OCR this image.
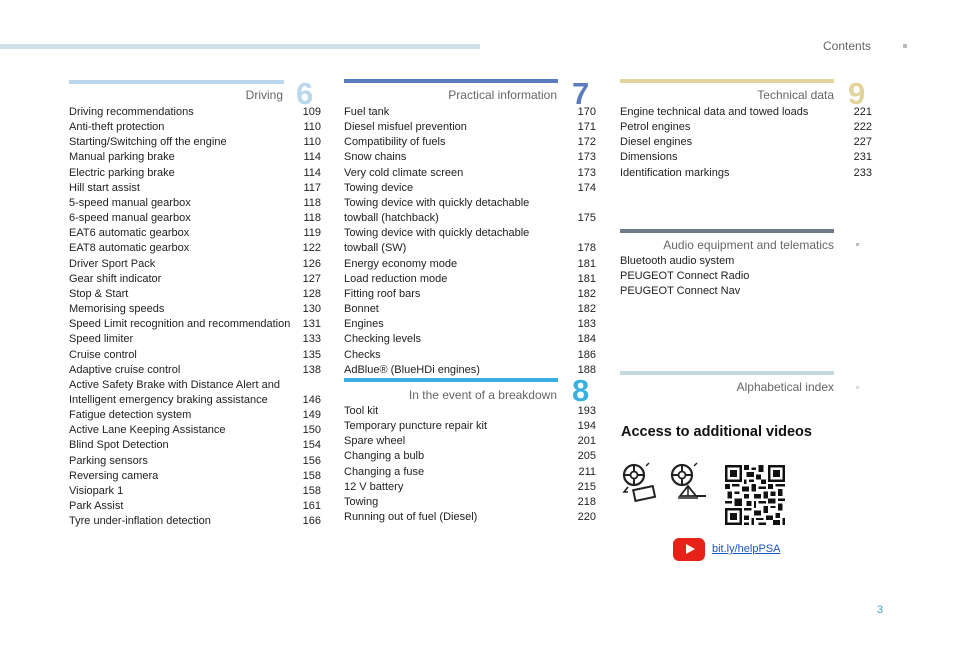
Contents
Driving 6
Driving recommendations	109
Anti-theft protection	110
Starting/Switching off the engine	110
Manual parking brake	114
Electric parking brake	114
Hill start assist	117
5-speed manual gearbox	118
6-speed manual gearbox	118
EAT6 automatic gearbox	119
EAT8 automatic gearbox	122
Driver Sport Pack	126
Gear shift indicator	127
Stop & Start	128
Memorising speeds	130
Speed Limit recognition and recommendation	131
Speed limiter	133
Cruise control	135
Adaptive cruise control	138
Active Safety Brake with Distance Alert and Intelligent emergency braking assistance	146
Fatigue detection system	149
Active Lane Keeping Assistance	150
Blind Spot Detection	154
Parking sensors	156
Reversing camera	158
Visiopark 1	158
Park Assist	161
Tyre under-inflation detection	166
Practical information 7
Fuel tank	170
Diesel misfuel prevention	171
Compatibility of fuels	172
Snow chains	173
Very cold climate screen	173
Towing device	174
Towing device with quickly detachable towball (hatchback)	175
Towing device with quickly detachable towball (SW)	178
Energy economy mode	181
Load reduction mode	181
Fitting roof bars	182
Bonnet	182
Engines	183
Checking levels	184
Checks	186
AdBlue® (BlueHDi engines)	188
In the event of a breakdown 8
Tool kit	193
Temporary puncture repair kit	194
Spare wheel	201
Changing a bulb	205
Changing a fuse	211
12 V battery	215
Towing	218
Running out of fuel (Diesel)	220
Technical data 9
Engine technical data and towed loads	221
Petrol engines	222
Diesel engines	227
Dimensions	231
Identification markings	233
Audio equipment and telematics
Bluetooth audio system
PEUGEOT Connect Radio
PEUGEOT Connect Nav
Alphabetical index
Access to additional videos
bit.ly/helpPSA
3
